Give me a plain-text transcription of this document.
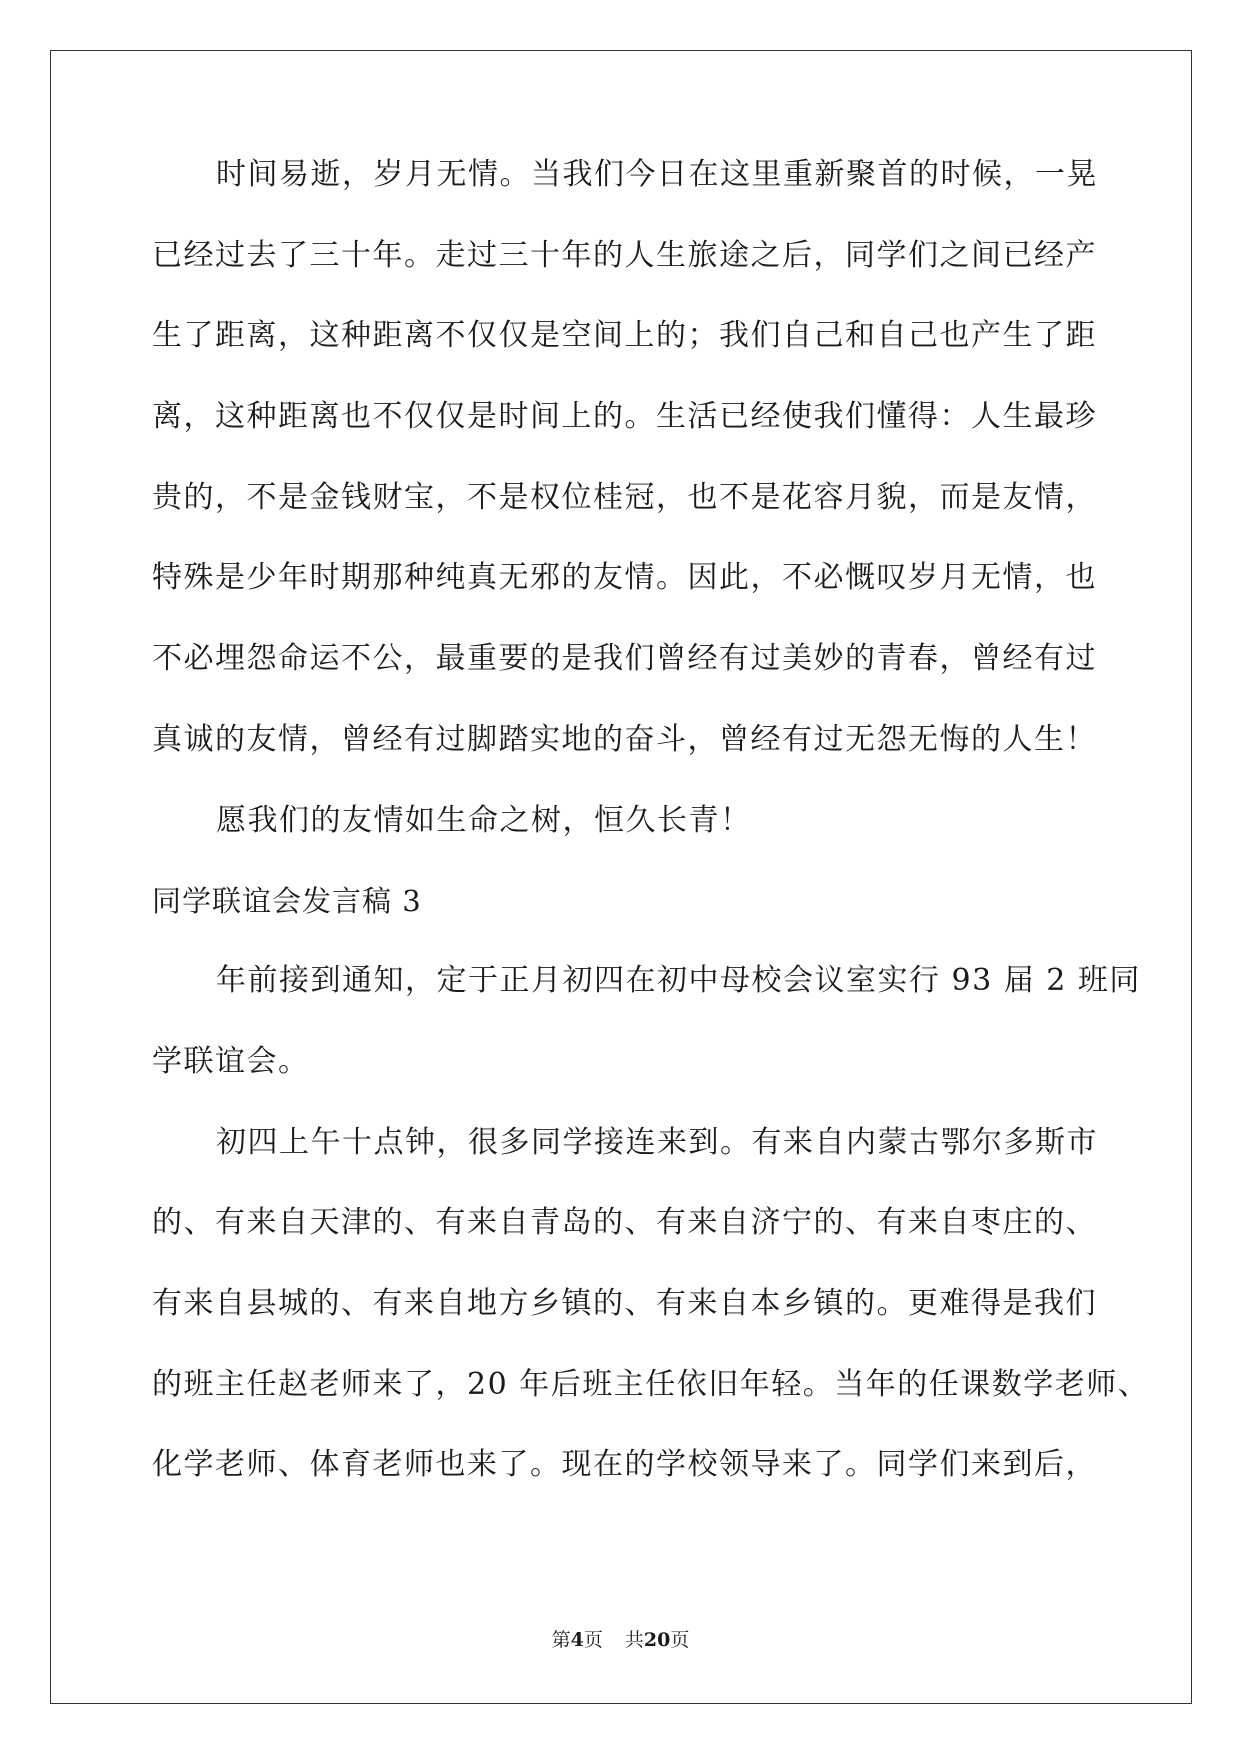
时间易逝，岁月无情。当我们今日在这里重新聚首的时候，一晃
已经过去了三十年。走过三十年的人生旅途之后，同学们之间已经产
生了距离，这种距离不仅仅是空间上的；我们自己和自己也产生了距
离，这种距离也不仅仅是时间上的。生活已经使我们懂得：人生最珍
贵的，不是金钱财宝，不是权位桂冠，也不是花容月貌，而是友情，
特殊是少年时期那种纯真无邪的友情。因此，不必慨叹岁月无情，也
不必埋怨命运不公，最重要的是我们曾经有过美妙的青春，曾经有过
真诚的友情，曾经有过脚踏实地的奋斗，曾经有过无怨无悔的人生！
愿我们的友情如生命之树，恒久长青！
同学联谊会发言稿 3
年前接到通知，定于正月初四在初中母校会议室实行 93 届 2 班同
学联谊会。
初四上午十点钟，很多同学接连来到。有来自内蒙古鄂尔多斯市
的、有来自天津的、有来自青岛的、有来自济宁的、有来自枣庄的、
有来自县城的、有来自地方乡镇的、有来自本乡镇的。更难得是我们
的班主任赵老师来了，20 年后班主任依旧年轻。当年的任课数学老师、
化学老师、体育老师也来了。现在的学校领导来了。同学们来到后，
第4页 共20页
